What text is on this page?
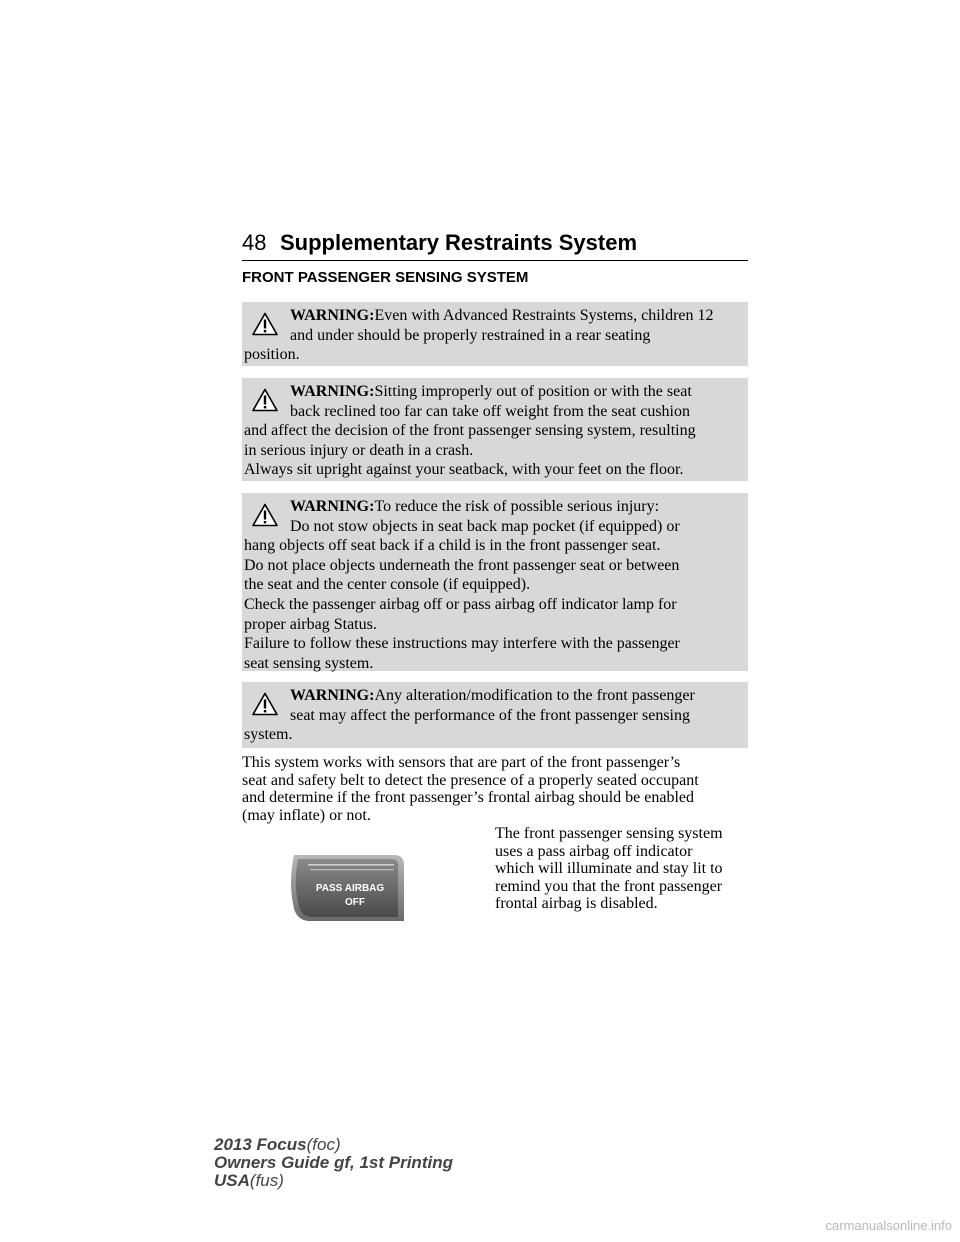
48 Supplementary Restraints System
FRONT PASSENGER SENSING SYSTEM
WARNING:Even with Advanced Restraints Systems, children 12
and under should be properly restrained in a rear seating
position.
WARNING:Sitting improperly out of position or with the seat
back reclined too far can take off weight from the seat cushion
and affect the decision of the front passenger sensing system, resulting
in serious injury or death in a crash.
Always sit upright against your seatback, with your feet on the floor.
WARNING:To reduce the risk of possible serious injury:
Do not stow objects in seat back map pocket (if equipped) or
hang objects off seat back if a child is in the front passenger seat.
Do not place objects underneath the front passenger seat or between
the seat and the center console (if equipped).
Check the passenger airbag off or pass airbag off indicator lamp for
proper airbag Status.
Failure to follow these instructions may interfere with the passenger
seat sensing system.
WARNING:Any alteration/modification to the front passenger
seat may affect the performance of the front passenger sensing
system.
This system works with sensors that are part of the front passenger’s
seat and safety belt to detect the presence of a properly seated occupant
and determine if the front passenger’s frontal airbag should be enabled
(may inflate) or not.
PASS AIRBAG
OFF
The front passenger sensing system
uses a pass airbag off indicator
which will illuminate and stay lit to
remind you that the front passenger
frontal airbag is disabled.
2013 Focus(foc)
Owners Guide gf, 1st Printing
USA(fus)
carmanualsonline.info
